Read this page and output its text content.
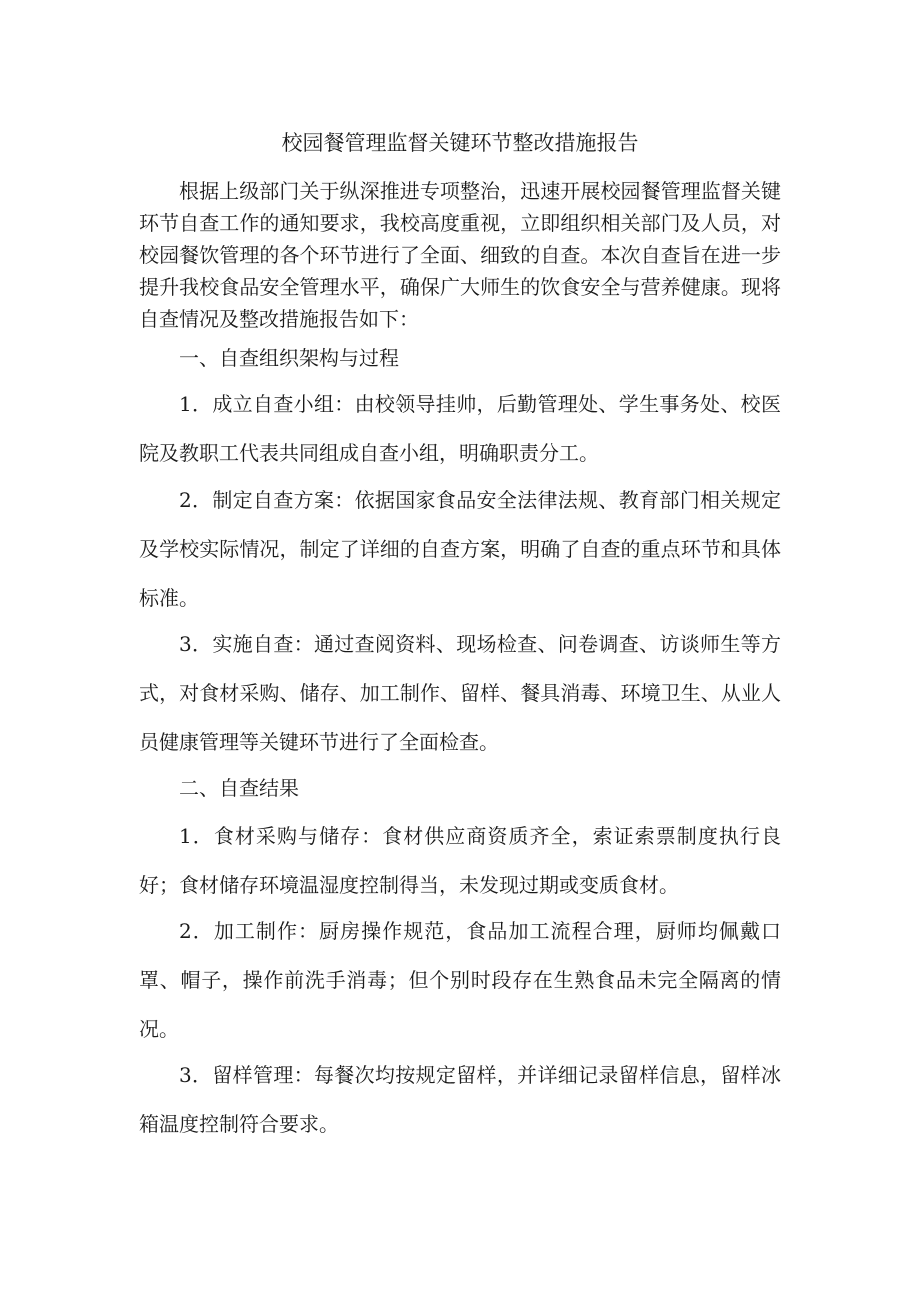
校园餐管理监督关键环节整改措施报告

根据上级部门关于纵深推进专项整治，迅速开展校园餐管理监督关键环节自查工作的通知要求，我校高度重视，立即组织相关部门及人员，对校园餐饮管理的各个环节进行了全面、细致的自查。本次自查旨在进一步提升我校食品安全管理水平，确保广大师生的饮食安全与营养健康。现将自查情况及整改措施报告如下：

一、自查组织架构与过程

1．成立自查小组：由校领导挂帅，后勤管理处、学生事务处、校医院及教职工代表共同组成自查小组，明确职责分工。

2．制定自查方案：依据国家食品安全法律法规、教育部门相关规定及学校实际情况，制定了详细的自查方案，明确了自查的重点环节和具体标准。

3．实施自查：通过查阅资料、现场检查、问卷调查、访谈师生等方式，对食材采购、储存、加工制作、留样、餐具消毒、环境卫生、从业人员健康管理等关键环节进行了全面检查。

二、自查结果

1．食材采购与储存：食材供应商资质齐全，索证索票制度执行良好；食材储存环境温湿度控制得当，未发现过期或变质食材。

2．加工制作：厨房操作规范，食品加工流程合理，厨师均佩戴口罩、帽子，操作前洗手消毒；但个别时段存在生熟食品未完全隔离的情况。

3．留样管理：每餐次均按规定留样，并详细记录留样信息，留样冰箱温度控制符合要求。
